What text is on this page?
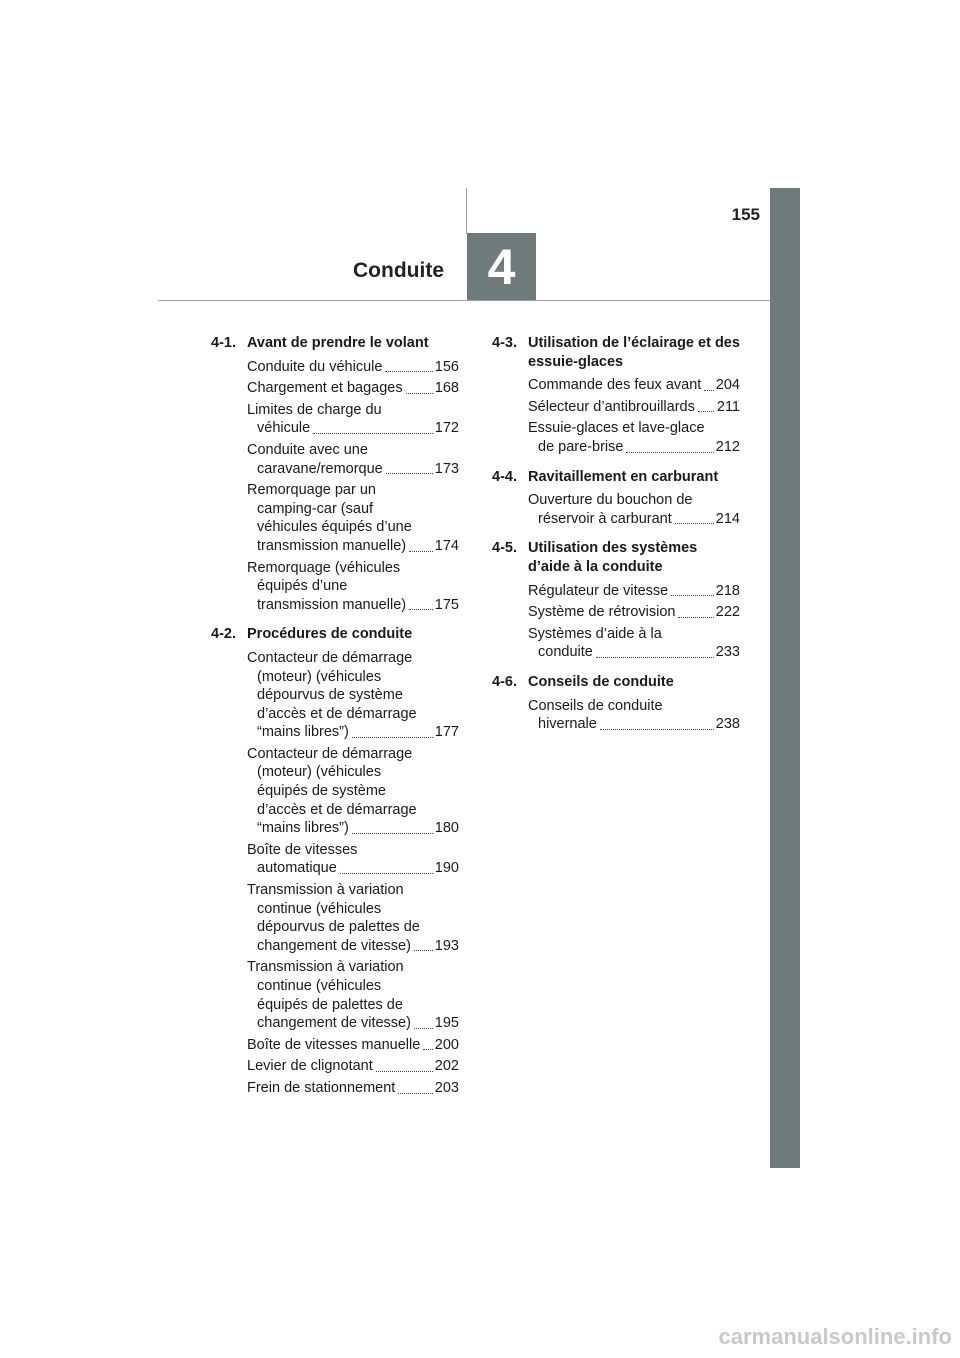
4
Conduite
155
4-1. Avant de prendre le volant
Conduite du véhicule	156
Chargement et bagages	168
Limites de charge du véhicule	172
Conduite avec une caravane/remorque	173
Remorquage par un camping-car (sauf véhicules équipés d’une transmission manuelle)	174
Remorquage (véhicules équipés d’une transmission manuelle)	175
4-2. Procédures de conduite
Contacteur de démarrage (moteur) (véhicules dépourvus de système d’accès et de démarrage “mains libres”)	177
Contacteur de démarrage (moteur) (véhicules équipés de système d’accès et de démarrage “mains libres”)	180
Boîte de vitesses automatique	190
Transmission à variation continue (véhicules dépourvus de palettes de changement de vitesse)	193
Transmission à variation continue (véhicules équipés de palettes de changement de vitesse)	195
Boîte de vitesses manuelle	200
Levier de clignotant	202
Frein de stationnement	203
4-3. Utilisation de l’éclairage et des essuie-glaces
Commande des feux avant	204
Sélecteur d’antibrouillards	211
Essuie-glaces et lave-glace de pare-brise	212
4-4. Ravitaillement en carburant
Ouverture du bouchon de réservoir à carburant	214
4-5. Utilisation des systèmes d’aide à la conduite
Régulateur de vitesse	218
Système de rétrovision	222
Systèmes d’aide à la conduite	233
4-6. Conseils de conduite
Conseils de conduite hivernale	238
carmanualsonline.info
